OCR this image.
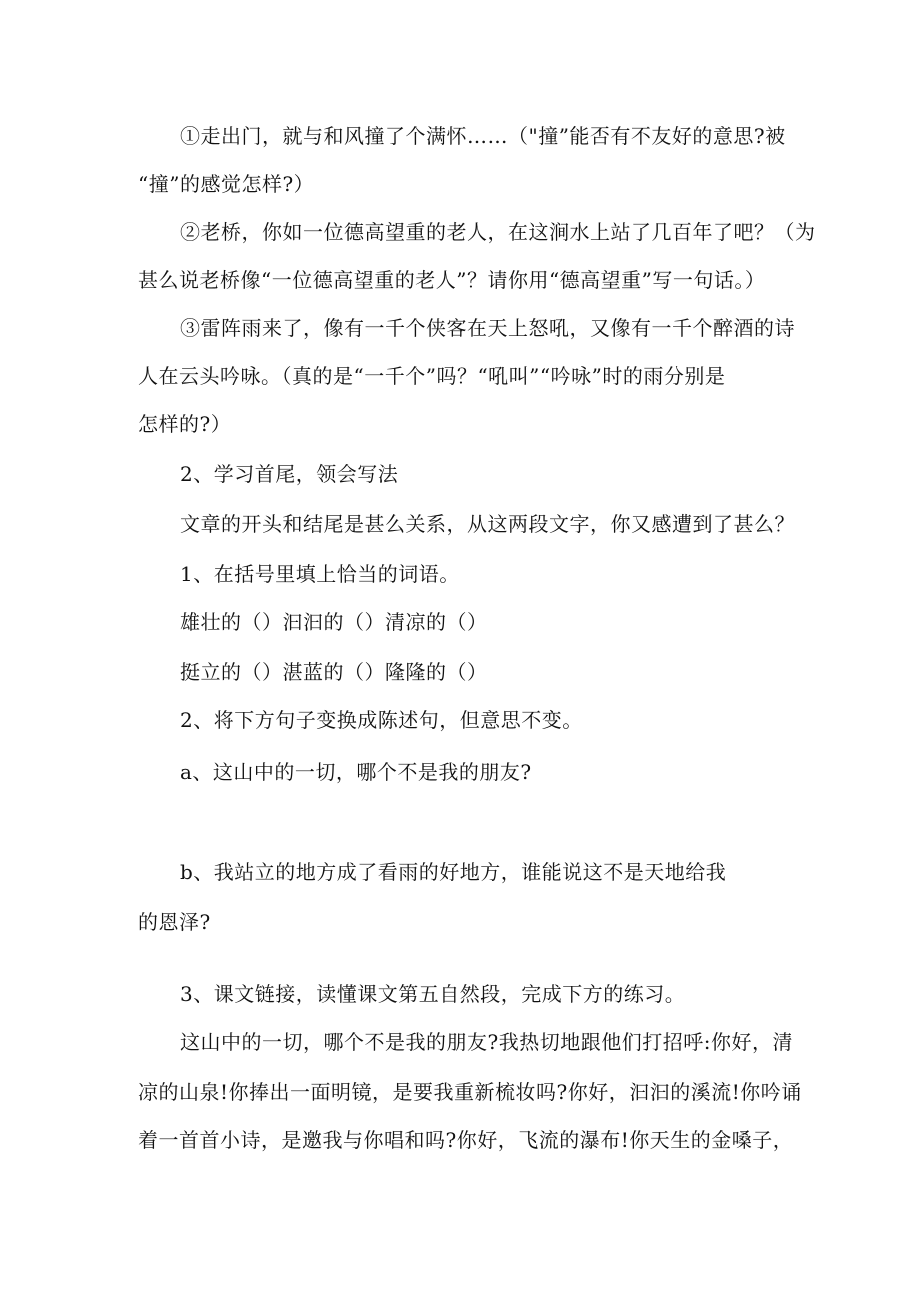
①走出门，就与和风撞了个满怀……（"撞”能否有不友好的意思?被
“撞”的感觉怎样?）
②老桥，你如一位德高望重的老人，在这涧水上站了几百年了吧？（为
甚么说老桥像“一位德高望重的老人”？请你用“德高望重”写一句话。）
③雷阵雨来了，像有一千个侠客在天上怒吼，又像有一千个醉酒的诗
人在云头吟咏。（真的是“一千个”吗？“吼叫”“吟咏”时的雨分别是
怎样的?）
2、学习首尾，领会写法
文章的开头和结尾是甚么关系，从这两段文字，你又感遭到了甚么？
1、在括号里填上恰当的词语。
雄壮的（）汩汩的（）清凉的（）
挺立的（）湛蓝的（）隆隆的（）
2、将下方句子变换成陈述句，但意思不变。
a、这山中的一切，哪个不是我的朋友?
b、我站立的地方成了看雨的好地方，谁能说这不是天地给我
的恩泽?
3、课文链接，读懂课文第五自然段，完成下方的练习。
这山中的一切，哪个不是我的朋友?我热切地跟他们打招呼:你好，清
凉的山泉!你捧出一面明镜，是要我重新梳妆吗?你好，汩汩的溪流!你吟诵
着一首首小诗，是邀我与你唱和吗?你好，飞流的瀑布!你天生的金嗓子，
